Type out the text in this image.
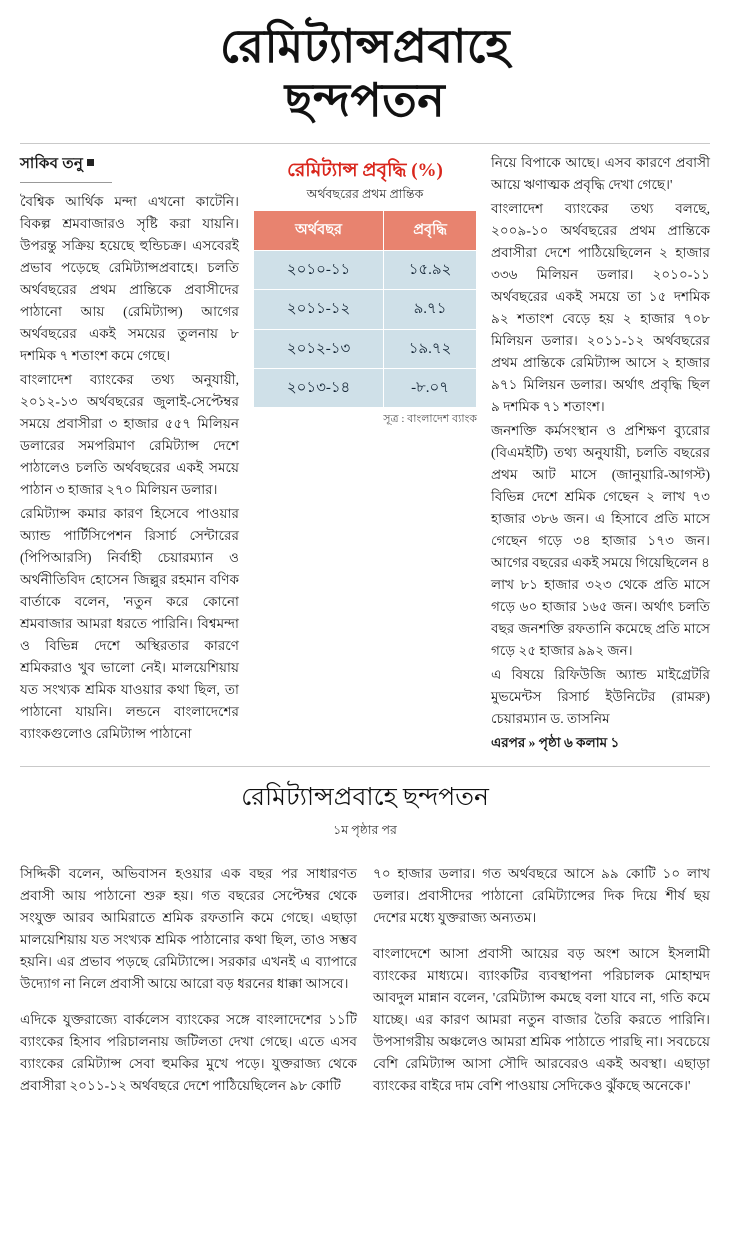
রেমিট্যান্সপ্রবাহে
ছন্দপতন
সাকিব তনু

বৈশ্বিক আর্থিক মন্দা এখনো কাটেনি। বিকল্প শ্রমবাজারও সৃষ্টি করা যায়নি। উপরন্তু সক্রিয় হয়েছে হুন্ডিচক্র। এসবেরই প্রভাব পড়েছে রেমিট্যান্সপ্রবাহে। চলতি অর্থবছরের প্রথম প্রান্তিকে প্রবাসীদের পাঠানো আয় (রেমিট্যান্স) আগের অর্থবছরের একই সময়ের তুলনায় ৮ দশমিক ৭ শতাংশ কমে গেছে।

বাংলাদেশ ব্যাংকের তথ্য অনুযায়ী, ২০১২-১৩ অর্থবছরের জুলাই-সেপ্টেম্বর সময়ে প্রবাসীরা ৩ হাজার ৫৫৭ মিলিয়ন ডলারের সমপরিমাণ রেমিট্যান্স দেশে পাঠালেও চলতি অর্থবছরের একই সময়ে পাঠান ৩ হাজার ২৭০ মিলিয়ন ডলার।

রেমিট্যান্স কমার কারণ হিসেবে পাওয়ার অ্যান্ড পার্টিসিপেশন রিসার্চ সেন্টারের (পিপিআরসি) নির্বাহী চেয়ারম্যান ও অর্থনীতিবিদ হোসেন জিল্লুর রহমান বণিক বার্তাকে বলেন, 'নতুন করে কোনো শ্রমবাজার আমরা ধরতে পারিনি। বিশ্বমন্দা ও বিভিন্ন দেশে অস্থিরতার কারণে শ্রমিকরাও খুব ভালো নেই। মালয়েশিয়ায় যত সংখ্যক শ্রমিক যাওয়ার কথা ছিল, তা পাঠানো যায়নি। লন্ডনে বাংলাদেশের ব্যাংকগুলোও রেমিট্যান্স পাঠানো

রেমিট্যান্স প্রবৃদ্ধি (%)
অর্থবছরের প্রথম প্রান্তিক
অর্থবছর	প্রবৃদ্ধি
২০১০-১১	১৫.৯২
২০১১-১২	৯.৭১
২০১২-১৩	১৯.৭২
২০১৩-১৪	-৮.০৭
সূত্র : বাংলাদেশ ব্যাংক

নিয়ে বিপাকে আছে। এসব কারণে প্রবাসী আয়ে ঋণাত্মক প্রবৃদ্ধি দেখা গেছে।'

বাংলাদেশ ব্যাংকের তথ্য বলছে, ২০০৯-১০ অর্থবছরের প্রথম প্রান্তিকে প্রবাসীরা দেশে পাঠিয়েছিলেন ২ হাজার ৩৩৬ মিলিয়ন ডলার। ২০১০-১১ অর্থবছরের একই সময়ে তা ১৫ দশমিক ৯২ শতাংশ বেড়ে হয় ২ হাজার ৭০৮ মিলিয়ন ডলার। ২০১১-১২ অর্থবছরের প্রথম প্রান্তিকে রেমিট্যান্স আসে ২ হাজার ৯৭১ মিলিয়ন ডলার। অর্থাৎ প্রবৃদ্ধি ছিল ৯ দশমিক ৭১ শতাংশ।

জনশক্তি কর্মসংস্থান ও প্রশিক্ষণ ব্যুরোর (বিএমইটি) তথ্য অনুযায়ী, চলতি বছরের প্রথম আট মাসে (জানুয়ারি-আগস্ট) বিভিন্ন দেশে শ্রমিক গেছেন ২ লাখ ৭৩ হাজার ৩৮৬ জন। এ হিসাবে প্রতি মাসে গেছেন গড়ে ৩৪ হাজার ১৭৩ জন। আগের বছরের একই সময়ে গিয়েছিলেন ৪ লাখ ৮১ হাজার ৩২৩ থেকে প্রতি মাসে গড়ে ৬০ হাজার ১৬৫ জন। অর্থাৎ চলতি বছর জনশক্তি রফতানি কমেছে প্রতি মাসে গড়ে ২৫ হাজার ৯৯২ জন।

এ বিষয়ে রিফিউজি অ্যান্ড মাইগ্রেটরি মুভমেন্টস রিসার্চ ইউনিটের (রামরু) চেয়ারম্যান ড. তাসনিম

এরপর » পৃষ্ঠা ৬ কলাম ১

রেমিট্যান্সপ্রবাহে ছন্দপতন
১ম পৃষ্ঠার পর

সিদ্দিকী বলেন, অভিবাসন হওয়ার এক বছর পর সাধারণত প্রবাসী আয় পাঠানো শুরু হয়। গত বছরের সেপ্টেম্বর থেকে সংযুক্ত আরব আমিরাতে শ্রমিক রফতানি কমে গেছে। এছাড়া মালয়েশিয়ায় যত সংখ্যক শ্রমিক পাঠানোর কথা ছিল, তাও সম্ভব হয়নি। এর প্রভাব পড়ছে রেমিট্যান্সে। সরকার এখনই এ ব্যাপারে উদ্যোগ না নিলে প্রবাসী আয়ে আরো বড় ধরনের ধাক্কা আসবে।

এদিকে যুক্তরাজ্যে বার্কলেস ব্যাংকের সঙ্গে বাংলাদেশের ১১টি ব্যাংকের হিসাব পরিচালনায় জটিলতা দেখা গেছে। এতে এসব ব্যাংকের রেমিট্যান্স সেবা হুমকির মুখে পড়ে। যুক্তরাজ্য থেকে প্রবাসীরা ২০১১-১২ অর্থবছরে দেশে পাঠিয়েছিলেন ৯৮ কোটি

৭০ হাজার ডলার। গত অর্থবছরে আসে ৯৯ কোটি ১০ লাখ ডলার। প্রবাসীদের পাঠানো রেমিট্যান্সের দিক দিয়ে শীর্ষ ছয় দেশের মধ্যে যুক্তরাজ্য অন্যতম।

বাংলাদেশে আসা প্রবাসী আয়ের বড় অংশ আসে ইসলামী ব্যাংকের মাধ্যমে। ব্যাংকটির ব্যবস্থাপনা পরিচালক মোহাম্মদ আবদুল মান্নান বলেন, 'রেমিট্যান্স কমছে বলা যাবে না, গতি কমে যাচ্ছে। এর কারণ আমরা নতুন বাজার তৈরি করতে পারিনি। উপসাগরীয় অঞ্চলেও আমরা শ্রমিক পাঠাতে পারছি না। সবচেয়ে বেশি রেমিট্যান্স আসা সৌদি আরবেরও একই অবস্থা। এছাড়া ব্যাংকের বাইরে দাম বেশি পাওয়ায় সেদিকেও ঝুঁকছে অনেকে।'
